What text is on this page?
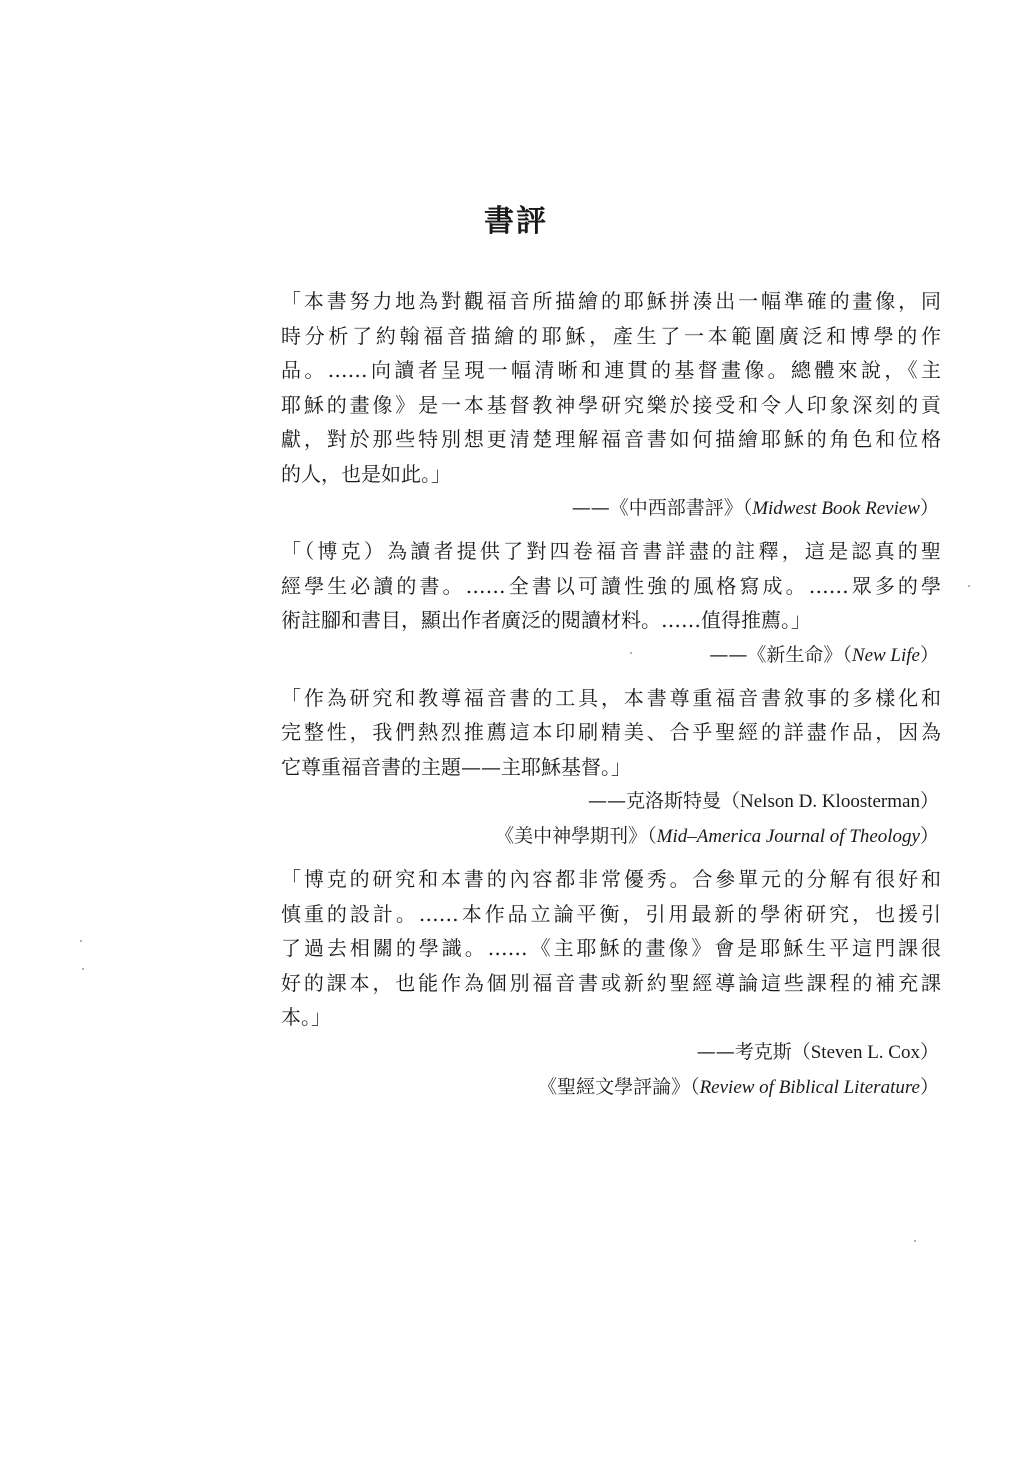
書評
「本書努力地為對觀福音所描繪的耶穌拼湊出一幅準確的畫像，同
時分析了約翰福音描繪的耶穌，產生了一本範圍廣泛和博學的作
品。……向讀者呈現一幅清晰和連貫的基督畫像。總體來說，《主
耶穌的畫像》是一本基督教神學研究樂於接受和令人印象深刻的貢
獻，對於那些特別想更清楚理解福音書如何描繪耶穌的角色和位格
的人，也是如此。」
——《中西部書評》（Midwest Book Review）
「（博克）為讀者提供了對四卷福音書詳盡的註釋，這是認真的聖
經學生必讀的書。……全書以可讀性強的風格寫成。……眾多的學
術註腳和書目，顯出作者廣泛的閱讀材料。……值得推薦。」
——《新生命》（New Life）
「作為研究和教導福音書的工具，本書尊重福音書敘事的多樣化和
完整性，我們熱烈推薦這本印刷精美、合乎聖經的詳盡作品，因為
它尊重福音書的主題——主耶穌基督。」
——克洛斯特曼（Nelson D. Kloosterman）
《美中神學期刊》（Mid–America Journal of Theology）
「博克的研究和本書的內容都非常優秀。合參單元的分解有很好和
慎重的設計。……本作品立論平衡，引用最新的學術研究，也援引
了過去相關的學識。……《主耶穌的畫像》會是耶穌生平這門課很
好的課本，也能作為個別福音書或新約聖經導論這些課程的補充課
本。」
——考克斯（Steven L. Cox）
《聖經文學評論》（Review of Biblical Literature）
